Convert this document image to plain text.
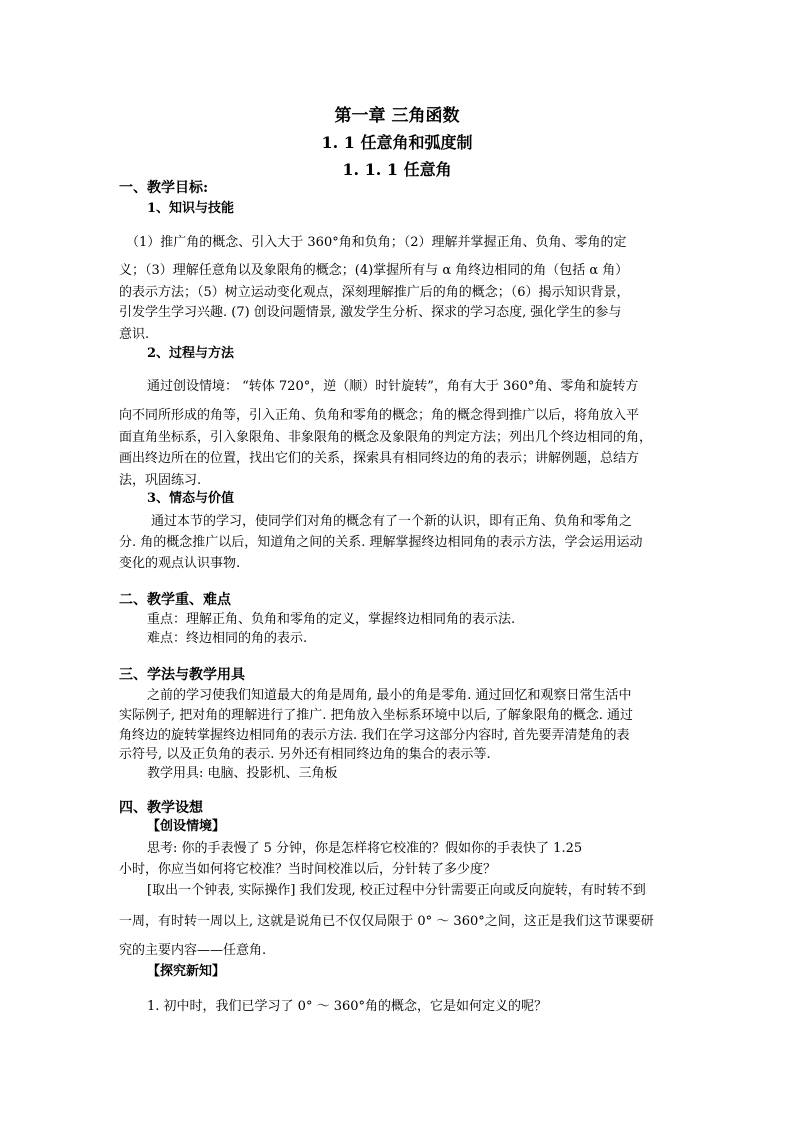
第一章 三角函数
1. 1 任意角和弧度制
1. 1. 1 任意角
一、教学目标:
1、知识与技能
（1）推广角的概念、引入大于 360°角和负角；（2）理解并掌握正角、负角、零角的定
义；（3）理解任意角以及象限角的概念；(4)掌握所有与 α 角终边相同的角（包括 α 角）
的表示方法；（5）树立运动变化观点，深刻理解推广后的角的概念；（6）揭示知识背景，
引发学生学习兴趣. (7) 创设问题情景, 激发学生分析、探求的学习态度, 强化学生的参与
意识.
2、过程与方法
通过创设情境： “转体 720°，逆（顺）时针旋转”，角有大于 360°角、零角和旋转方
向不同所形成的角等，引入正角、负角和零角的概念；角的概念得到推广以后，将角放入平
面直角坐标系，引入象限角、非象限角的概念及象限角的判定方法；列出几个终边相同的角，
画出终边所在的位置，找出它们的关系，探索具有相同终边的角的表示；讲解例题，总结方
法，巩固练习.
3、情态与价值
通过本节的学习，使同学们对角的概念有了一个新的认识，即有正角、负角和零角之
分. 角的概念推广以后，知道角之间的关系. 理解掌握终边相同角的表示方法，学会运用运动
变化的观点认识事物.
二、教学重、难点
重点：理解正角、负角和零角的定义，掌握终边相同角的表示法.
难点：终边相同的角的表示.
三、学法与教学用具
之前的学习使我们知道最大的角是周角, 最小的角是零角. 通过回忆和观察日常生活中
实际例子, 把对角的理解进行了推广. 把角放入坐标系环境中以后, 了解象限角的概念. 通过
角终边的旋转掌握终边相同角的表示方法. 我们在学习这部分内容时, 首先要弄清楚角的表
示符号, 以及正负角的表示. 另外还有相同终边角的集合的表示等.
教学用具: 电脑、投影机、三角板
四、教学设想
【创设情境】
思考: 你的手表慢了 5 分钟，你是怎样将它校准的？假如你的手表快了 1.25
小时，你应当如何将它校准？当时间校准以后，分针转了多少度？
[取出一个钟表, 实际操作] 我们发现, 校正过程中分针需要正向或反向旋转，有时转不到
一周，有时转一周以上, 这就是说角已不仅仅局限于 0° ～ 360°之间，这正是我们这节课要研
究的主要内容——任意角.
【探究新知】
1. 初中时，我们已学习了 0° ～ 360°角的概念，它是如何定义的呢？
